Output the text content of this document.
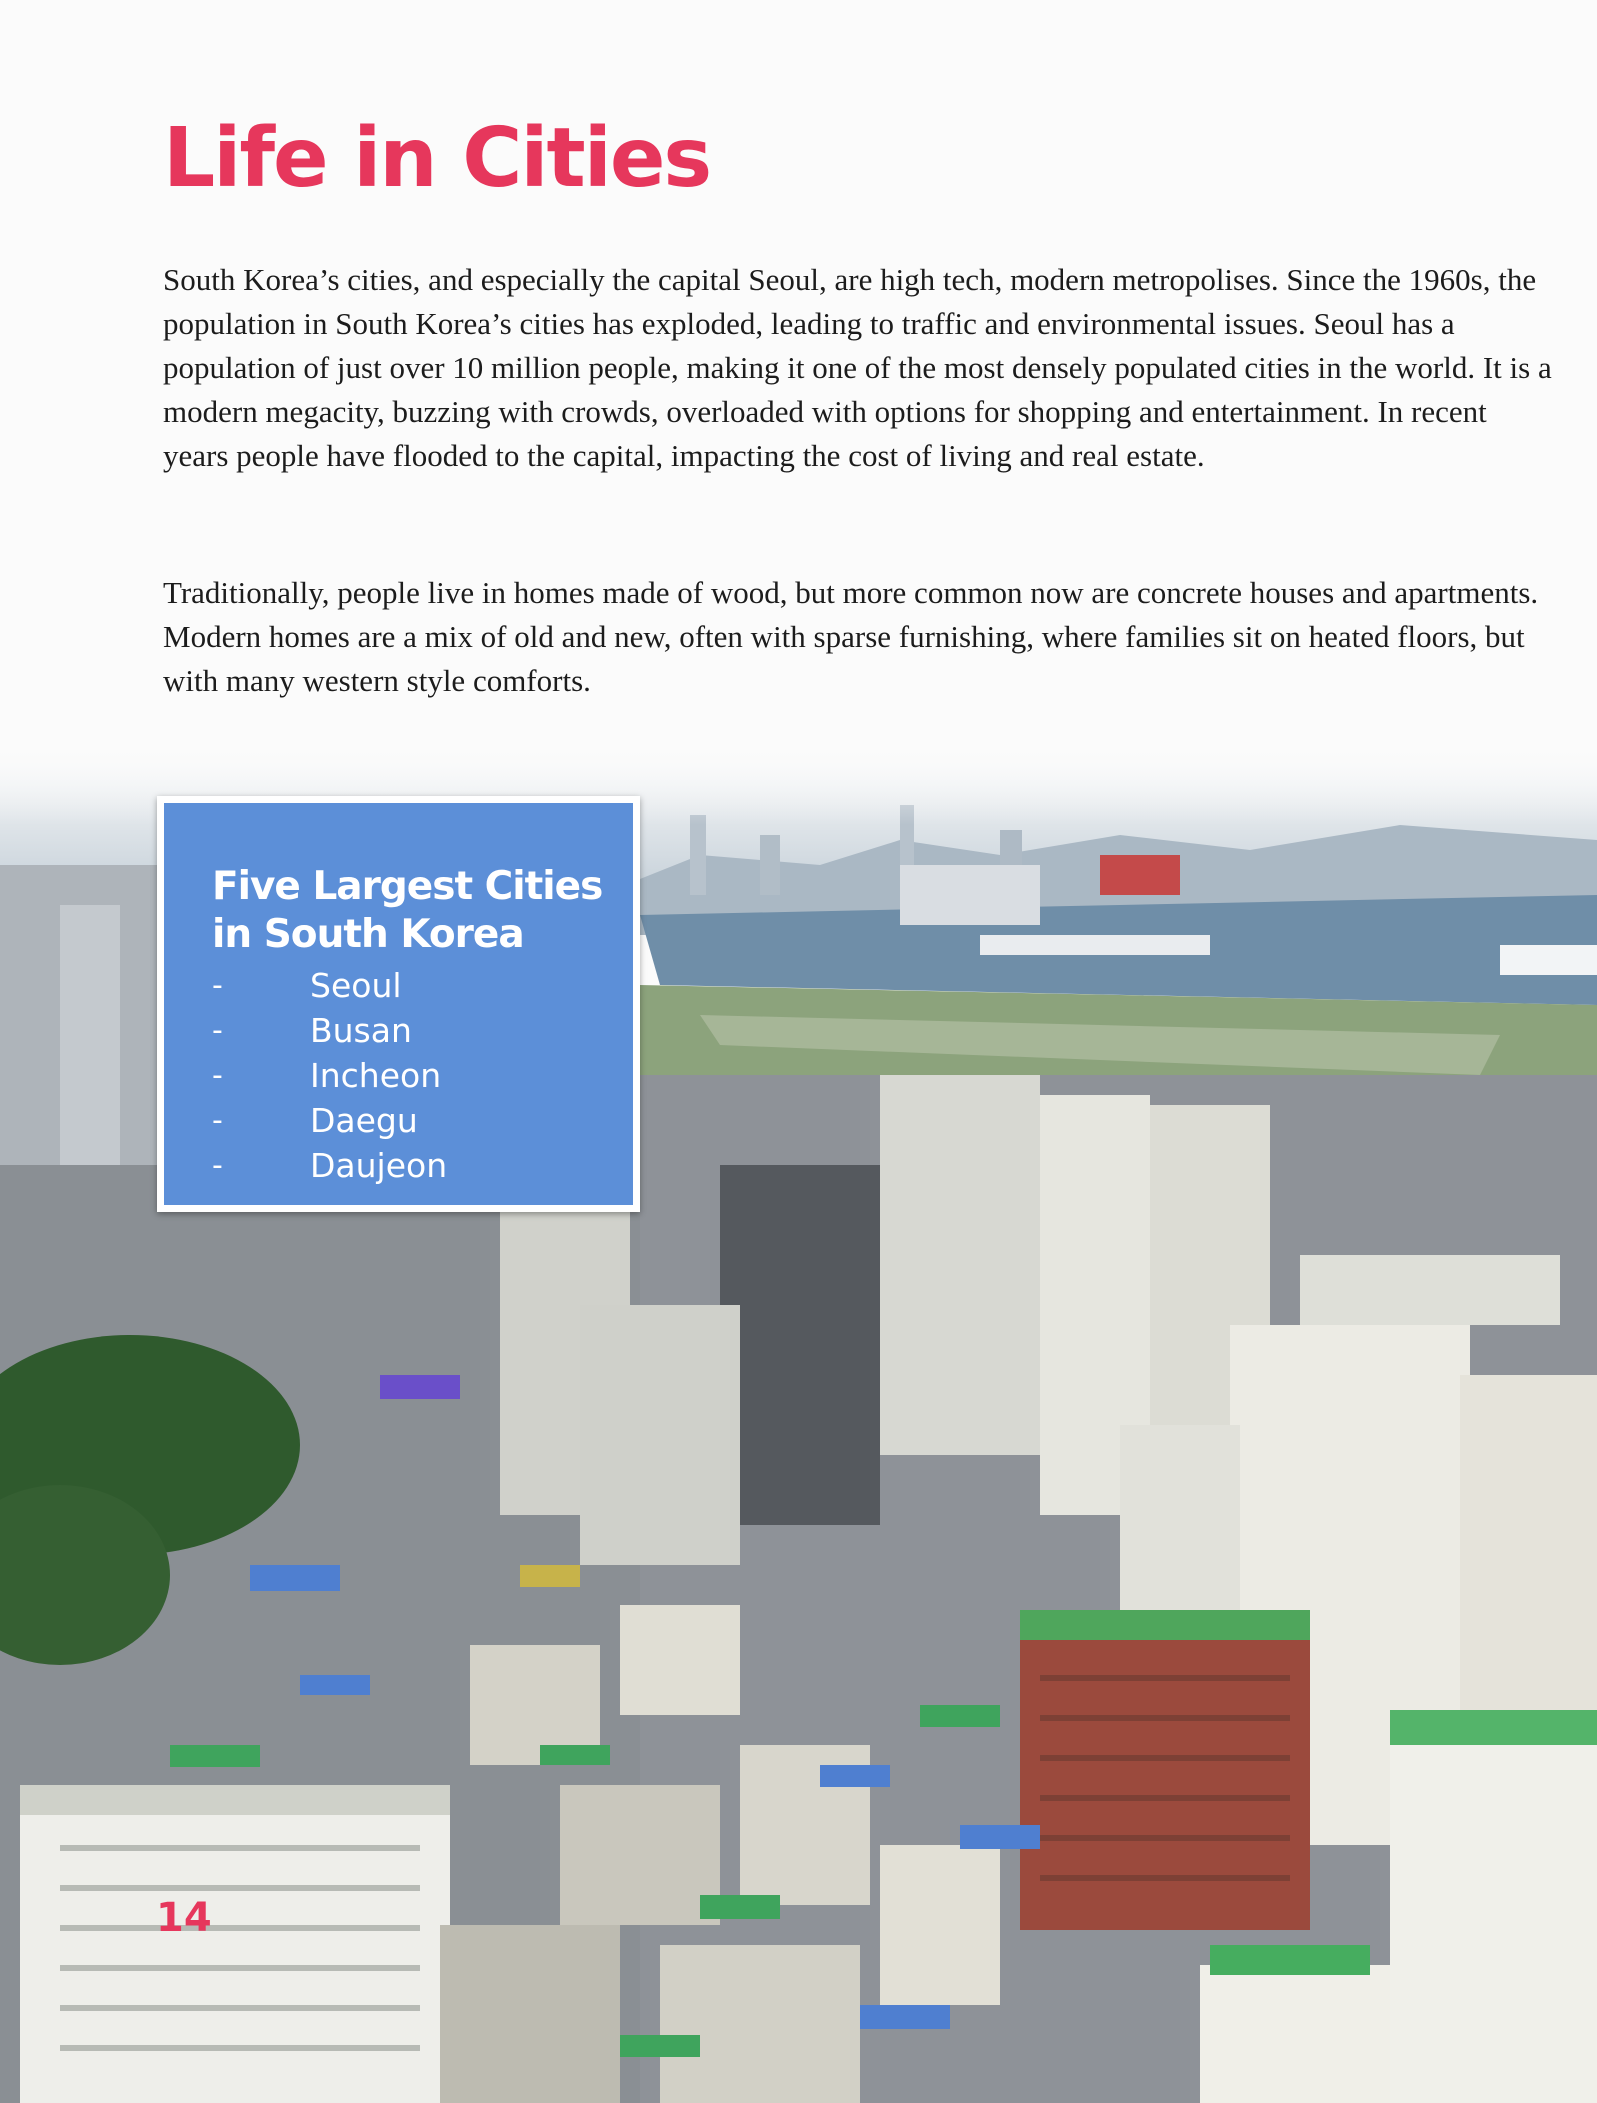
Life in Cities

South Korea’s cities, and especially the capital Seoul, are high tech, modern metropolises. Since the 1960s, the population in South Korea’s cities has exploded, leading to traffic and environmental issues. Seoul has a population of just over 10 million people, making it one of the most densely populated cities in the world. It is a modern megacity, buzzing with crowds, overloaded with options for shopping and entertainment. In recent years people have flooded to the capital, impacting the cost of living and real estate.

Traditionally, people live in homes made of wood, but more common now are concrete houses and apartments. Modern homes are a mix of old and new, often with sparse furnishing, where families sit on heated floors, but with many western style comforts.

Five Largest Cities in South Korea
-	Seoul
-	Busan
-	Incheon
-	Daegu
-	Daujeon
14
